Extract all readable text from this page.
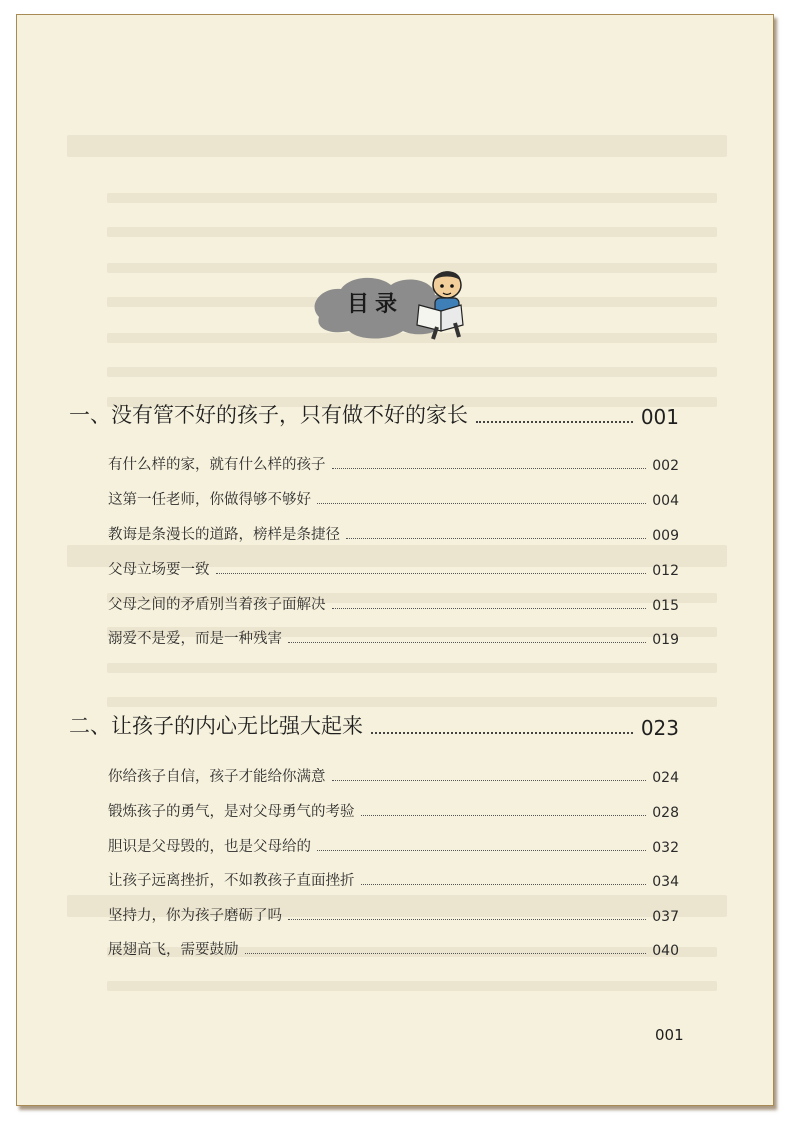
目录
一、没有管不好的孩子，只有做不好的家长	001
有什么样的家，就有什么样的孩子	002
这第一任老师，你做得够不够好	004
教诲是条漫长的道路，榜样是条捷径	009
父母立场要一致	012
父母之间的矛盾别当着孩子面解决	015
溺爱不是爱，而是一种残害	019
二、让孩子的内心无比强大起来	023
你给孩子自信，孩子才能给你满意	024
锻炼孩子的勇气，是对父母勇气的考验	028
胆识是父母毁的，也是父母给的	032
让孩子远离挫折，不如教孩子直面挫折	034
坚持力，你为孩子磨砺了吗	037
展翅高飞，需要鼓励	040
001
